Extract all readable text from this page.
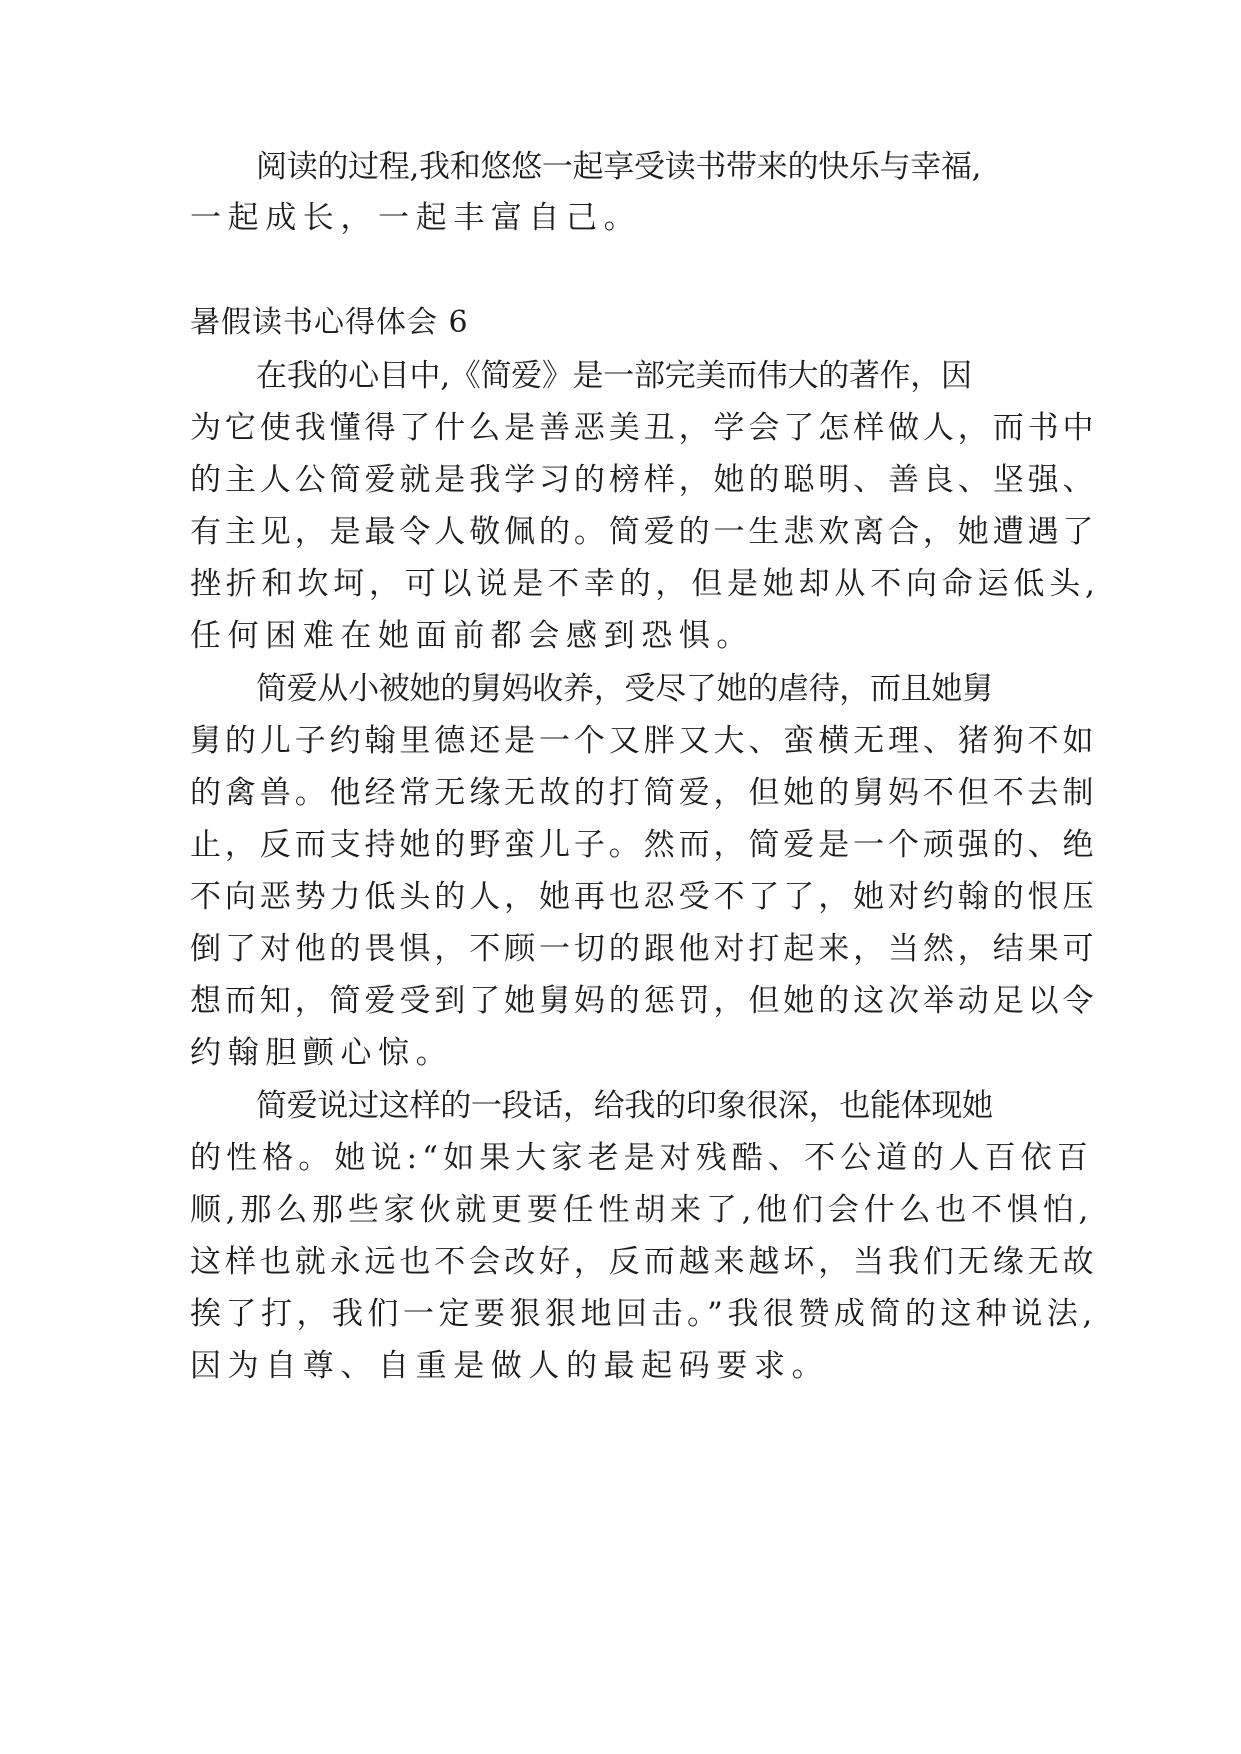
阅读的过程,我和悠悠一起享受读书带来的快乐与幸福,
一起成长，一起丰富自己。
暑假读书心得体会 6
在我的心目中,《简爱》是一部完美而伟大的著作，因
为它使我懂得了什么是善恶美丑，学会了怎样做人，而书中
的主人公简爱就是我学习的榜样，她的聪明、善良、坚强、
有主见，是最令人敬佩的。简爱的一生悲欢离合，她遭遇了
挫折和坎坷，可以说是不幸的，但是她却从不向命运低头,
任何困难在她面前都会感到恐惧。
简爱从小被她的舅妈收养，受尽了她的虐待，而且她舅
舅的儿子约翰里德还是一个又胖又大、蛮横无理、猪狗不如
的禽兽。他经常无缘无故的打简爱，但她的舅妈不但不去制
止，反而支持她的野蛮儿子。然而，简爱是一个顽强的、绝
不向恶势力低头的人，她再也忍受不了了，她对约翰的恨压
倒了对他的畏惧，不顾一切的跟他对打起来，当然，结果可
想而知，简爱受到了她舅妈的惩罚，但她的这次举动足以令
约翰胆颤心惊。
简爱说过这样的一段话，给我的印象很深，也能体现她
的性格。她说:“如果大家老是对残酷、不公道的人百依百
顺,那么那些家伙就更要任性胡来了,他们会什么也不惧怕,
这样也就永远也不会改好，反而越来越坏，当我们无缘无故
挨了打，我们一定要狠狠地回击。”我很赞成简的这种说法,
因为自尊、自重是做人的最起码要求。
